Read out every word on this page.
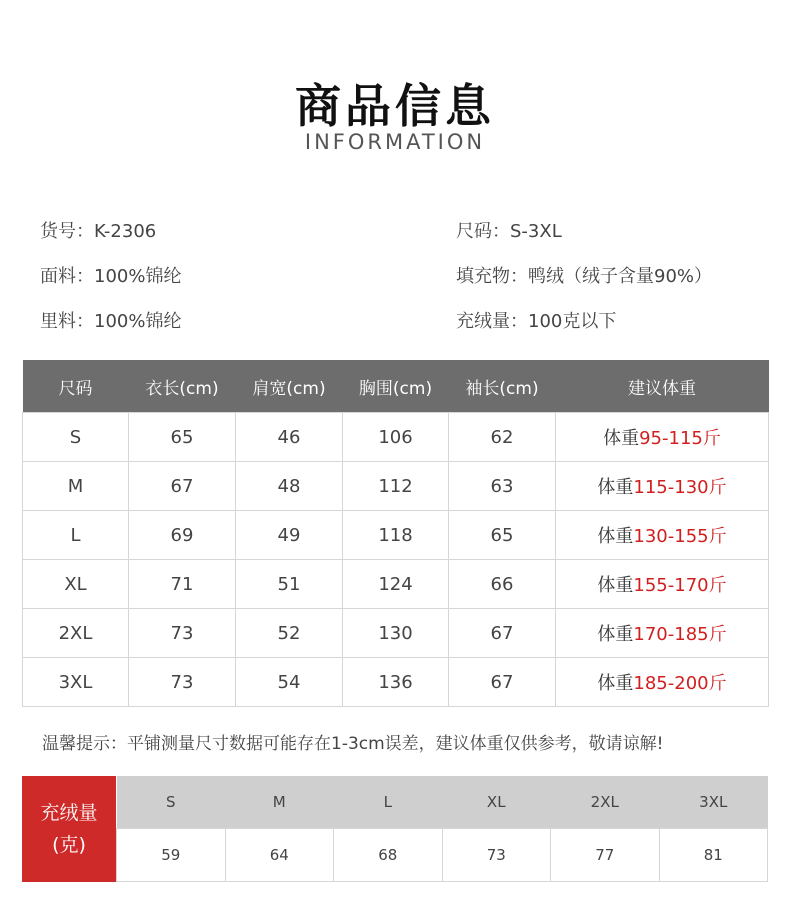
商品信息
INFORMATION
货号：K-2306	尺码：S-3XL
面料：100%锦纶	填充物：鸭绒（绒子含量90%）
里料：100%锦纶	充绒量：100克以下
尺码	衣长(cm)	肩宽(cm)	胸围(cm)	袖长(cm)	建议体重
S	65	46	106	62	体重95-115斤
M	67	48	112	63	体重115-130斤
L	69	49	118	65	体重130-155斤
XL	71	51	124	66	体重155-170斤
2XL	73	52	130	67	体重170-185斤
3XL	73	54	136	67	体重185-200斤
温馨提示：平铺测量尺寸数据可能存在1-3cm误差，建议体重仅供参考，敬请谅解!
充绒量
(克)
S	M	L	XL	2XL	3XL
59	64	68	73	77	81
